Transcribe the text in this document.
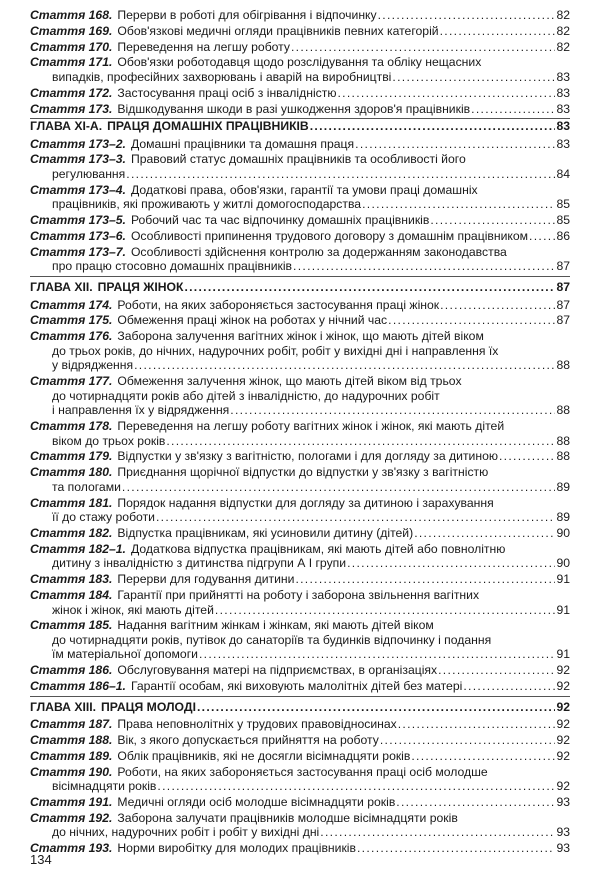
Стаття 168. Перерви в роботі для обігрівання і відпочинку .....	82
Стаття 169. Обов'язкові медичні огляди працівників певних категорій .....	82
Стаття 170. Переведення на легшу роботу .....	82
Стаття 171. Обов'язки роботодавця щодо розслідування та обліку нещасних
випадків, професійних захворювань і аварій на виробництві .....	83
Стаття 172. Застосування праці осіб з інвалідністю .....	83
Стаття 173. Відшкодування шкоди в разі ушкодження здоров'я працівників .....	83
ГЛАВА XI-А. ПРАЦЯ ДОМАШНІХ ПРАЦІВНИКІВ .....	83
Стаття 173–2. Домашні працівники та домашня праця .....	83
Стаття 173–3. Правовий статус домашніх працівників та особливості його
регулювання .....	84
Стаття 173–4. Додаткові права, обов'язки, гарантії та умови праці домашніх
працівників, які проживають у житлі домогосподарства .....	85
Стаття 173–5. Робочий час та час відпочинку домашніх працівників .....	85
Стаття 173–6. Особливості припинення трудового договору з домашнім працівником ..... 86
Стаття 173–7. Особливості здійснення контролю за додержанням законодавства
про працю стосовно домашніх працівників .....	87
ГЛАВА XII. ПРАЦЯ ЖІНОК .....	87
Стаття 174. Роботи, на яких забороняється застосування праці жінок .....	87
Стаття 175. Обмеження праці жінок на роботах у нічний час .....	87
Стаття 176. Заборона залучення вагітних жінок і жінок, що мають дітей віком
до трьох років, до нічних, надурочних робіт, робіт у вихідні дні і направлення їх
у відрядження .....	88
Стаття 177. Обмеження залучення жінок, що мають дітей віком від трьох
до чотирнадцяти років або дітей з інвалідністю, до надурочних робіт
і направлення їх у відрядження .....	88
Стаття 178. Переведення на легшу роботу вагітних жінок і жінок, які мають дітей
віком до трьох років .....	88
Стаття 179. Відпустки у зв'язку з вагітністю, пологами і для догляду за дитиною .....	88
Стаття 180. Приєднання щорічної відпустки до відпустки у зв'язку з вагітністю
та пологами .....	89
Стаття 181. Порядок надання відпустки для догляду за дитиною і зарахування
її до стажу роботи .....	89
Стаття 182. Відпустка працівникам, які усиновили дитину (дітей) .....	90
Стаття 182–1. Додаткова відпустка працівникам, які мають дітей або повнолітню
дитину з інвалідністю з дитинства підгрупи А І групи .....	90
Стаття 183. Перерви для годування дитини .....	91
Стаття 184. Гарантії при прийнятті на роботу і заборона звільнення вагітних
жінок і жінок, які мають дітей .....	91
Стаття 185. Надання вагітним жінкам і жінкам, які мають дітей віком
до чотирнадцяти років, путівок до санаторіїв та будинків відпочинку і подання
їм матеріальної допомоги .....	91
Стаття 186. Обслуговування матері на підприємствах, в організаціях .....	92
Стаття 186–1. Гарантії особам, які виховують малолітніх дітей без матері .....	92
ГЛАВА XIII. ПРАЦЯ МОЛОДІ .....	92
Стаття 187. Права неповнолітніх у трудових правовідносинах .....	92
Стаття 188. Вік, з якого допускається прийняття на роботу .....	92
Стаття 189. Облік працівників, які не досягли вісімнадцяти років .....	92
Стаття 190. Роботи, на яких забороняється застосування праці осіб молодше
вісімнадцяти років .....	92
Стаття 191. Медичні огляди осіб молодше вісімнадцяти років .....	93
Стаття 192. Заборона залучати працівників молодше вісімнадцяти років
до нічних, надурочних робіт і робіт у вихідні дні .....	93
Стаття 193. Норми виробітку для молодих працівників .....	93
134
